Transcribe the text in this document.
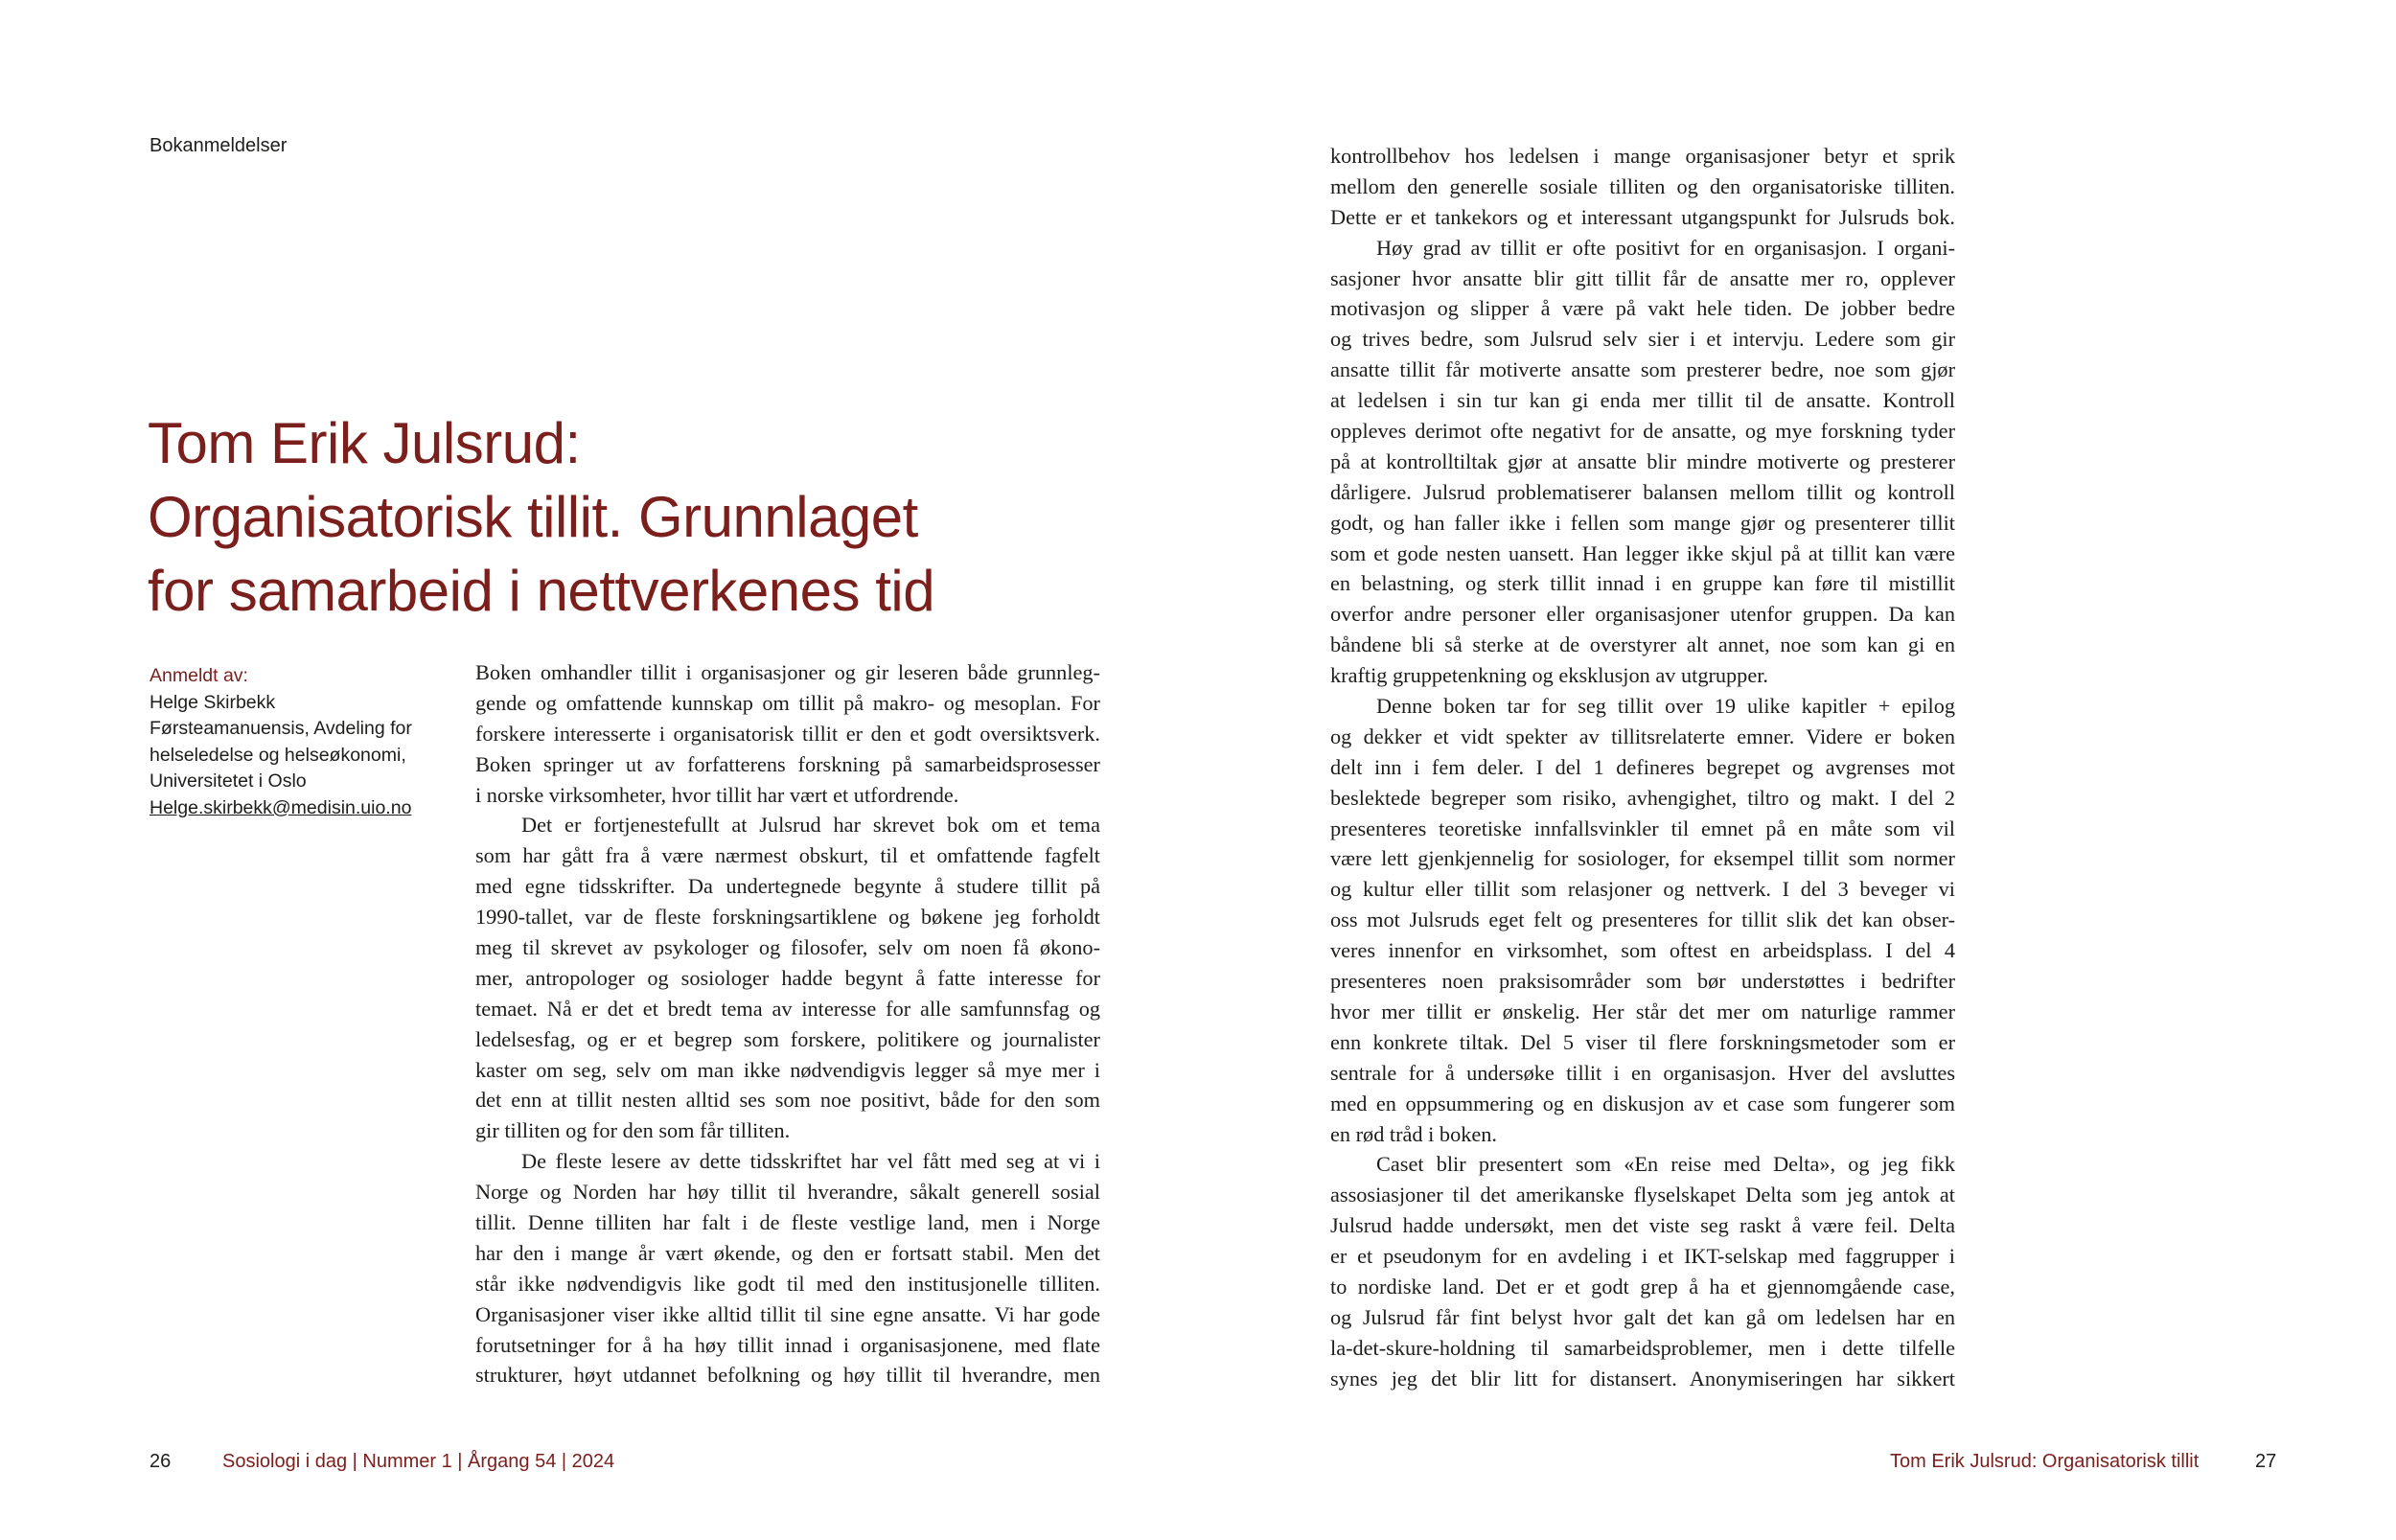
Bokanmeldelser
Tom Erik Julsrud:
Organisatorisk tillit. Grunnlaget
for samarbeid i nettverkenes tid
Anmeldt av:
Helge Skirbekk
Førsteamanuensis, Avdeling for
helseledelse og helseøkonomi,
Universitetet i Oslo
Helge.skirbekk@medisin.uio.no
Boken omhandler tillit i organisasjoner og gir leseren både grunnleg-
gende og omfattende kunnskap om tillit på makro- og mesoplan. For
forskere interesserte i organisatorisk tillit er den et godt oversiktsverk.
Boken springer ut av forfatterens forskning på samarbeidsprosesser
i norske virksomheter, hvor tillit har vært et utfordrende.
Det er fortjenestefullt at Julsrud har skrevet bok om et tema
som har gått fra å være nærmest obskurt, til et omfattende fagfelt
med egne tidsskrifter. Da undertegnede begynte å studere tillit på
1990-tallet, var de fleste forskningsartiklene og bøkene jeg forholdt
meg til skrevet av psykologer og filosofer, selv om noen få økono-
mer, antropologer og sosiologer hadde begynt å fatte interesse for
temaet. Nå er det et bredt tema av interesse for alle samfunnsfag og
ledelsesfag, og er et begrep som forskere, politikere og journalister
kaster om seg, selv om man ikke nødvendigvis legger så mye mer i
det enn at tillit nesten alltid ses som noe positivt, både for den som
gir tilliten og for den som får tilliten.
De fleste lesere av dette tidsskriftet har vel fått med seg at vi i
Norge og Norden har høy tillit til hverandre, såkalt generell sosial
tillit. Denne tilliten har falt i de fleste vestlige land, men i Norge
har den i mange år vært økende, og den er fortsatt stabil. Men det
står ikke nødvendigvis like godt til med den institusjonelle tilliten.
Organisasjoner viser ikke alltid tillit til sine egne ansatte. Vi har gode
forutsetninger for å ha høy tillit innad i organisasjonene, med flate
strukturer, høyt utdannet befolkning og høy tillit til hverandre, men
kontrollbehov hos ledelsen i mange organisasjoner betyr et sprik
mellom den generelle sosiale tilliten og den organisatoriske tilliten.
Dette er et tankekors og et interessant utgangspunkt for Julsruds bok.
Høy grad av tillit er ofte positivt for en organisasjon. I organi-
sasjoner hvor ansatte blir gitt tillit får de ansatte mer ro, opplever
motivasjon og slipper å være på vakt hele tiden. De jobber bedre
og trives bedre, som Julsrud selv sier i et intervju. Ledere som gir
ansatte tillit får motiverte ansatte som presterer bedre, noe som gjør
at ledelsen i sin tur kan gi enda mer tillit til de ansatte. Kontroll
oppleves derimot ofte negativt for de ansatte, og mye forskning tyder
på at kontrolltiltak gjør at ansatte blir mindre motiverte og presterer
dårligere. Julsrud problematiserer balansen mellom tillit og kontroll
godt, og han faller ikke i fellen som mange gjør og presenterer tillit
som et gode nesten uansett. Han legger ikke skjul på at tillit kan være
en belastning, og sterk tillit innad i en gruppe kan føre til mistillit
overfor andre personer eller organisasjoner utenfor gruppen. Da kan
båndene bli så sterke at de overstyrer alt annet, noe som kan gi en
kraftig gruppetenkning og eksklusjon av utgrupper.
Denne boken tar for seg tillit over 19 ulike kapitler + epilog
og dekker et vidt spekter av tillitsrelaterte emner. Videre er boken
delt inn i fem deler. I del 1 defineres begrepet og avgrenses mot
beslektede begreper som risiko, avhengighet, tiltro og makt. I del 2
presenteres teoretiske innfallsvinkler til emnet på en måte som vil
være lett gjenkjennelig for sosiologer, for eksempel tillit som normer
og kultur eller tillit som relasjoner og nettverk. I del 3 beveger vi
oss mot Julsruds eget felt og presenteres for tillit slik det kan obser-
veres innenfor en virksomhet, som oftest en arbeidsplass. I del 4
presenteres noen praksisområder som bør understøttes i bedrifter
hvor mer tillit er ønskelig. Her står det mer om naturlige rammer
enn konkrete tiltak. Del 5 viser til flere forskningsmetoder som er
sentrale for å undersøke tillit i en organisasjon. Hver del avsluttes
med en oppsummering og en diskusjon av et case som fungerer som
en rød tråd i boken.
Caset blir presentert som «En reise med Delta», og jeg fikk
assosiasjoner til det amerikanske flyselskapet Delta som jeg antok at
Julsrud hadde undersøkt, men det viste seg raskt å være feil. Delta
er et pseudonym for en avdeling i et IKT-selskap med faggrupper i
to nordiske land. Det er et godt grep å ha et gjennomgående case,
og Julsrud får fint belyst hvor galt det kan gå om ledelsen har en
la-det-skure-holdning til samarbeidsproblemer, men i dette tilfelle
synes jeg det blir litt for distansert. Anonymiseringen har sikkert
26	Sosiologi i dag | Nummer 1 | Årgang 54 | 2024	Tom Erik Julsrud: Organisatorisk tillit	27
